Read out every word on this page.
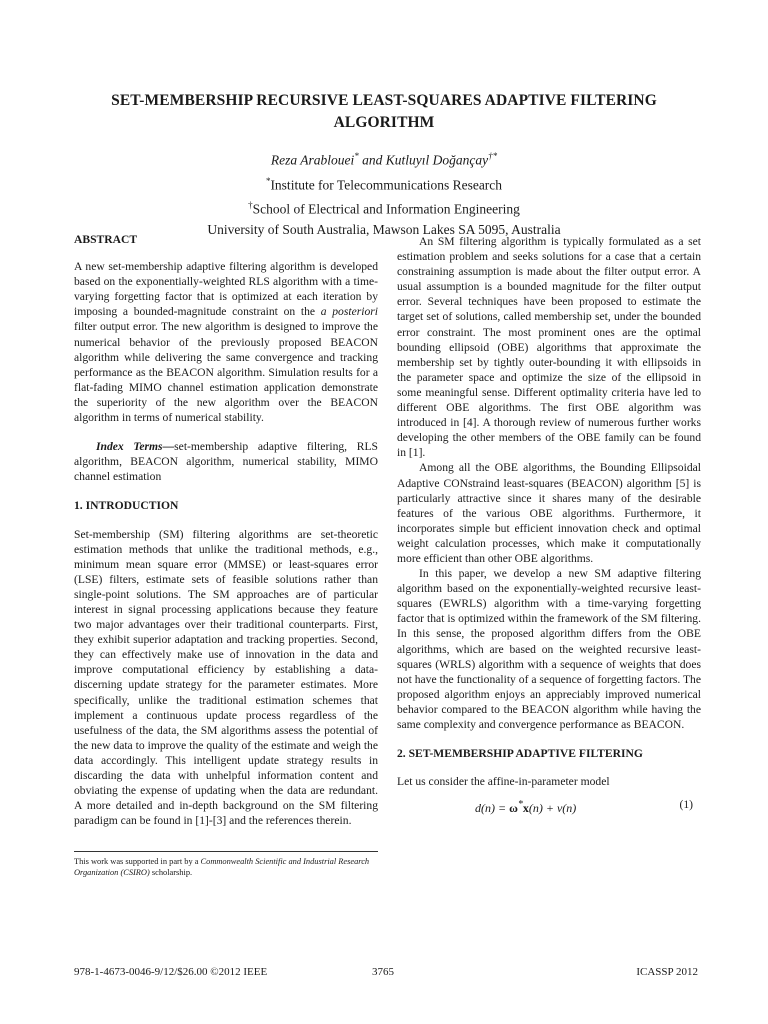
SET-MEMBERSHIP RECURSIVE LEAST-SQUARES ADAPTIVE FILTERING
ALGORITHM
Reza Arablouei* and Kutluyıl Doğançay†*
*Institute for Telecommunications Research
†School of Electrical and Information Engineering
University of South Australia, Mawson Lakes SA 5095, Australia

ABSTRACT

A new set-membership adaptive filtering algorithm is developed based on the exponentially-weighted RLS algorithm with a time-varying forgetting factor that is optimized at each iteration by imposing a bounded-magnitude constraint on the a posteriori filter output error. The new algorithm is designed to improve the numerical behavior of the previously proposed BEACON algorithm while delivering the same convergence and tracking performance as the BEACON algorithm. Simulation results for a flat-fading MIMO channel estimation application demonstrate the superiority of the new algorithm over the BEACON algorithm in terms of numerical stability.

Index Terms—set-membership adaptive filtering, RLS algorithm, BEACON algorithm, numerical stability, MIMO channel estimation

1. INTRODUCTION

Set-membership (SM) filtering algorithms are set-theoretic estimation methods that unlike the traditional methods, e.g., minimum mean square error (MMSE) or least-squares error (LSE) filters, estimate sets of feasible solutions rather than single-point solutions. The SM approaches are of particular interest in signal processing applications because they feature two major advantages over their traditional counterparts. First, they exhibit superior adaptation and tracking properties. Second, they can effectively make use of innovation in the data and improve computational efficiency by establishing a data-discerning update strategy for the parameter estimates. More specifically, unlike the traditional estimation schemes that implement a continuous update process regardless of the usefulness of the data, the SM algorithms assess the potential of the new data to improve the quality of the estimate and weigh the data accordingly. This intelligent update strategy results in discarding the data with unhelpful information content and obviating the expense of updating when the data are redundant. A more detailed and in-depth background on the SM filtering paradigm can be found in [1]-[3] and the references therein.

An SM filtering algorithm is typically formulated as a set estimation problem and seeks solutions for a case that a certain constraining assumption is made about the filter output error. A usual assumption is a bounded magnitude for the filter output error. Several techniques have been proposed to estimate the target set of solutions, called membership set, under the bounded error constraint. The most prominent ones are the optimal bounding ellipsoid (OBE) algorithms that approximate the membership set by tightly outer-bounding it with ellipsoids in the parameter space and optimize the size of the ellipsoid in some meaningful sense. Different optimality criteria have led to different OBE algorithms. The first OBE algorithm was introduced in [4]. A thorough review of numerous further works developing the other members of the OBE family can be found in [1].

Among all the OBE algorithms, the Bounding Ellipsoidal Adaptive CONstraind least-squares (BEACON) algorithm [5] is particularly attractive since it shares many of the desirable features of the various OBE algorithms. Furthermore, it incorporates simple but efficient innovation check and optimal weight calculation processes, which make it computationally more efficient than other OBE algorithms.

In this paper, we develop a new SM adaptive filtering algorithm based on the exponentially-weighted recursive least-squares (EWRLS) algorithm with a time-varying forgetting factor that is optimized within the framework of the SM filtering. In this sense, the proposed algorithm differs from the OBE algorithms, which are based on the weighted recursive least-squares (WRLS) algorithm with a sequence of weights that does not have the functionality of a sequence of forgetting factors. The proposed algorithm enjoys an appreciably improved numerical behavior compared to the BEACON algorithm while having the same complexity and convergence performance as BEACON.

2. SET-MEMBERSHIP ADAPTIVE FILTERING

Let us consider the affine-in-parameter model

d(n) = ω*x(n) + v(n)	(1)
This work was supported in part by a Commonwealth Scientific and Industrial Research Organization (CSIRO) scholarship.
978-1-4673-0046-9/12/$26.00 ©2012 IEEE	3765	ICASSP 2012
